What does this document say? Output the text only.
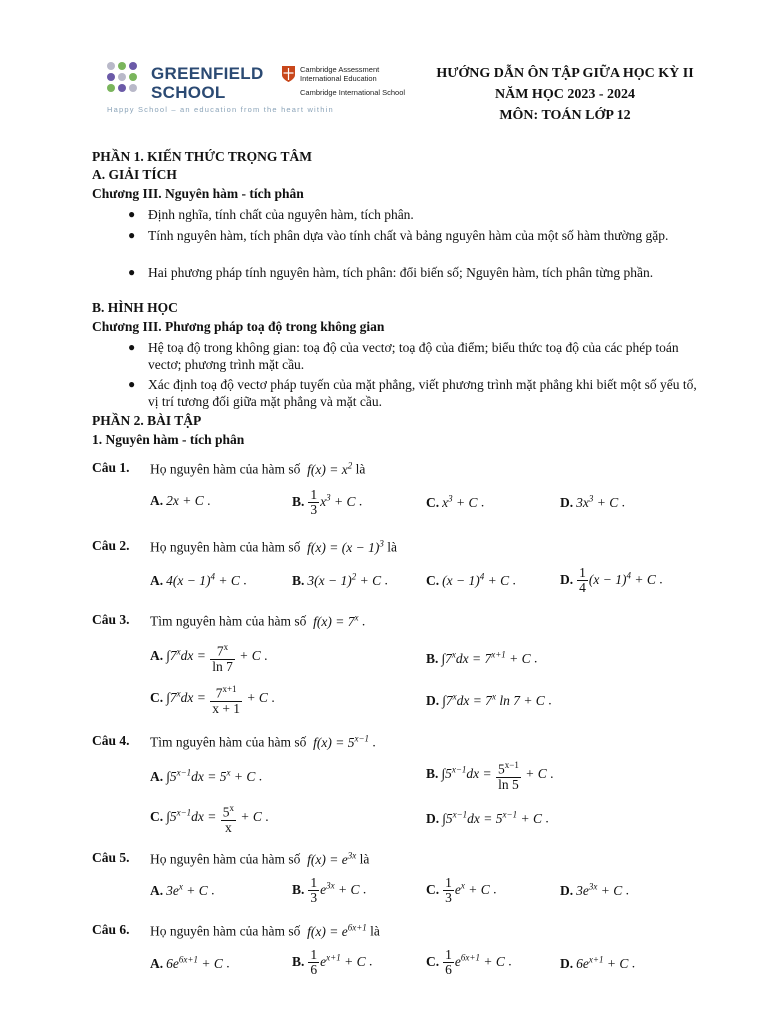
GREENFIELD
SCHOOL
Cambridge Assessment
International Education
Cambridge International School
Happy School – an education from the heart within
HƯỚNG DẪN ÔN TẬP GIỮA HỌC KỲ II
NĂM HỌC 2023 - 2024
MÔN: TOÁN LỚP 12
PHẦN 1. KIẾN THỨC TRỌNG TÂM
A. GIẢI TÍCH
Chương III. Nguyên hàm - tích phân
● Định nghĩa, tính chất của nguyên hàm, tích phân.
● Tính nguyên hàm, tích phân dựa vào tính chất và bảng nguyên hàm của một số hàm thường gặp.
● Hai phương pháp tính nguyên hàm, tích phân: đổi biến số; Nguyên hàm, tích phân từng phần.
B. HÌNH HỌC
Chương III. Phương pháp toạ độ trong không gian
● Hệ toạ độ trong không gian: toạ độ của vectơ; toạ độ của điểm; biểu thức toạ độ của các phép toán vectơ; phương trình mặt cầu.
● Xác định toạ độ vectơ pháp tuyến của mặt phẳng, viết phương trình mặt phẳng khi biết một số yếu tố, vị trí tương đối giữa mặt phẳng và mặt cầu.
PHẦN 2. BÀI TẬP
1. Nguyên hàm - tích phân
Câu 1. Họ nguyên hàm của hàm số $f(x) = x^2$ là
A. 2x + C .	B. $\frac{1}{3} x^3 + C$ .	C. $x^3 + C$ .	D. $3x^3 + C$ .
Câu 2. Họ nguyên hàm của hàm số $f(x) = (x - 1)^3$ là
A. $4(x - 1)^4 + C$ .	B. $3(x - 1)^2 + C$ .	C. $(x - 1)^4 + C$ .	D. $\frac{1}{4} (x - 1)^4 + C$ .
Câu 3. Tìm nguyên hàm của hàm số $f(x) = 7^x$ .
A. $\int 7^xdx = \frac{7^x}{\ln 7} + C$ .	B. $\int 7^xdx = 7^{x+1} + C$ .
C. $\int 7^xdx = \frac{7^{x+1}}{x + 1} + C$ .	D. $\int 7^xdx = 7^x$ ln 7 + C .
Câu 4. Tìm nguyên hàm của hàm số $f(x) = 5^{x-1}$ .
A. $\int 5^{x-1}dx = 5^x + C$ .	B. $\int 5^{x-1}dx = \frac{5^{x-1}}{\ln 5} + C$ .
C. $\int 5^{x-1}dx = \frac{5^x}{x} + C$ .	D. $\int 5^{x-1}dx = 5^{x-1} + C$ .
Câu 5. Họ nguyên hàm của hàm số $f(x) = e^{3x}$ là
A. $3e^x + C$ .	B. $\frac{1}{3} e^{3x} + C$ .	C. $\frac{1}{3} e^x + C$ .	D. $3e^{3x} + C$ .
Câu 6. Họ nguyên hàm của hàm số $f(x) = e^{6x+1}$ là
A. $6e^{6x+1} + C$ .	B. $\frac{1}{6} e^{x+1} + C$ .	C. $\frac{1}{6} e^{6x+1} + C$ .	D. $6e^{x+1} + C$ .
